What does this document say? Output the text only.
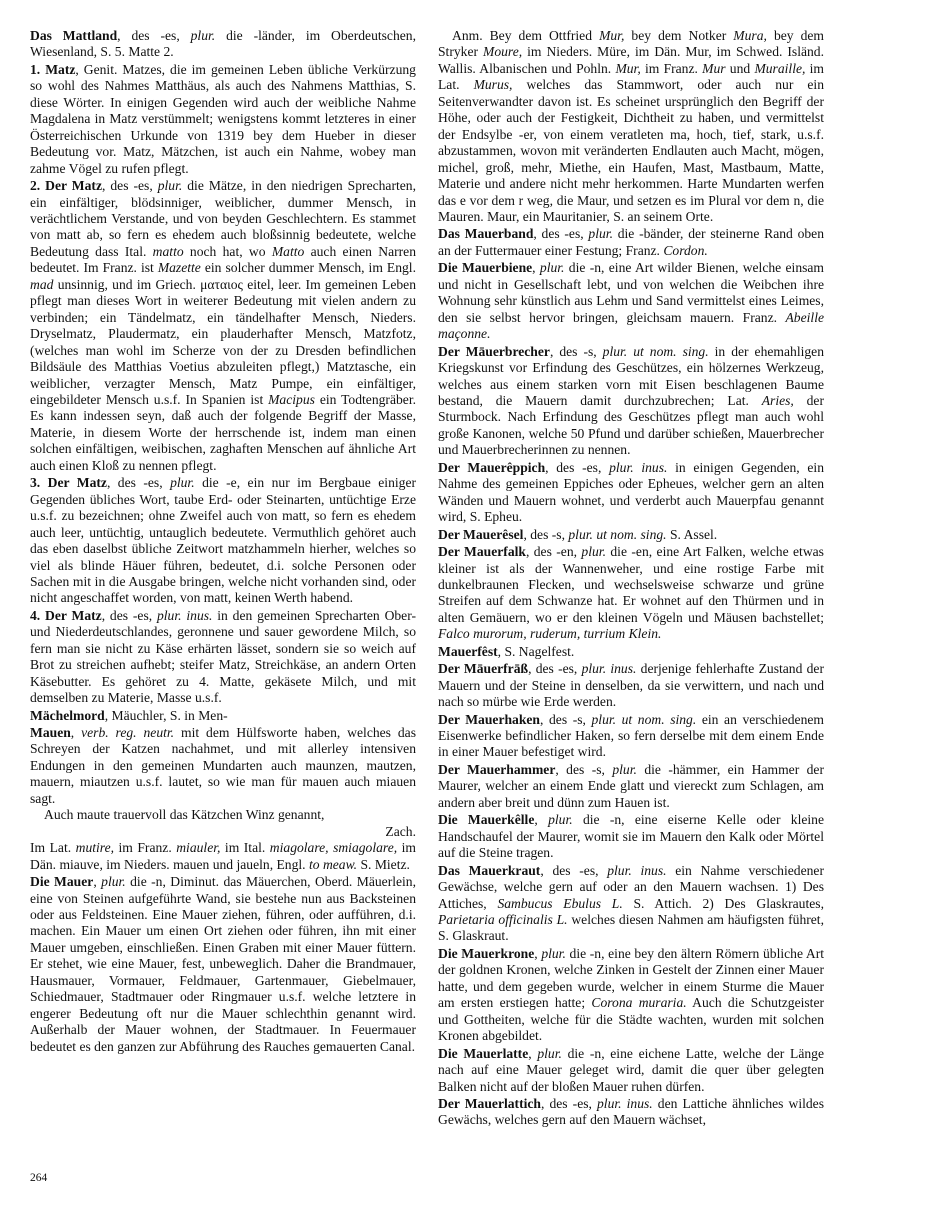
Das Mattland, des -es, plur. die -länder, im Oberdeutschen, Wiesenland, S. 5. Matte 2.

1. Matz, Genit. Matzes, die im gemeinen Leben übliche Verkürzung so wohl des Nahmes Matthäus, als auch des Nahmens Matthias, S. diese Wörter. In einigen Gegenden wird auch der weibliche Nahme Magdalena in Matz verstümmelt; wenigstens kommt letzteres in einer Österreichischen Urkunde von 1319 bey dem Hueber in dieser Bedeutung vor. Matz, Mätzchen, ist auch ein Nahme, wobey man zahme Vögel zu rufen pflegt.

2. Der Matz, des -es, plur. die Mätze, in den niedrigen Sprecharten, ein einfältiger, blödsinniger, weiblicher, dummer Mensch, in verächtlichem Verstande, und von beyden Geschlechtern. Es stammet von matt ab, so fern es ehedem auch bloßsinnig bedeutete, welche Bedeutung dass Ital. matto noch hat, wo Matto auch einen Narren bedeutet. Im Franz. ist Mazette ein solcher dummer Mensch, im Engl. mad unsinnig, und im Griech. ματαιος eitel, leer. Im gemeinen Leben pflegt man dieses Wort in weiterer Bedeutung mit vielen andern zu verbinden; ein Tändelmatz, ein tändelhafter Mensch, Nieders. Dryselmatz, Plaudermatz, ein plauderhafter Mensch, Matzfotz, (welches man wohl im Scherze von der zu Dresden befindlichen Bildsäule des Matthias Voetius abzuleiten pflegt,) Matztasche, ein weiblicher, verzagter Mensch, Matz Pumpe, ein einfältiger, eingebildeter Mensch u.s.f. In Spanien ist Macipus ein Todtengräber. Es kann indessen seyn, daß auch der folgende Begriff der Masse, Materie, in diesem Worte der herrschende ist, indem man einen solchen einfältigen, weibischen, zaghaften Menschen auf ähnliche Art auch einen Kloß zu nennen pflegt.

3. Der Matz, des -es, plur. die -e, ein nur im Bergbaue einiger Gegenden übliches Wort, taube Erd- oder Steinarten, untüchtige Erze u.s.f. zu bezeichnen; ohne Zweifel auch von matt, so fern es ehedem auch leer, untüchtig, untauglich bedeutete. Vermuthlich gehöret auch das eben daselbst übliche Zeitwort matzhammeln hierher, welches so viel als blinde Häuer führen, bedeutet, d.i. solche Personen oder Sachen mit in die Ausgabe bringen, welche nicht vorhanden sind, oder nicht angeschaffet worden, von matt, keinen Werth habend.

4. Der Matz, des -es, plur. inus. in den gemeinen Sprecharten Ober- und Niederdeutschlandes, geronnene und sauer gewordene Milch, so fern man sie nicht zu Käse erhärten lässet, sondern sie so weich auf Brot zu streichen aufhebt; steifer Matz, Streichkäse, an andern Orten Käsebutter. Es gehöret zu 4. Matte, gekäsete Milch, und mit demselben zu Materie, Masse u.s.f.

Mächelmord, Mäuchler, S. in Men-

Mauen, verb. reg. neutr. mit dem Hülfsworte haben, welches das Schreyen der Katzen nachahmet, und mit allerley intensiven Endungen in den gemeinen Mundarten auch maunzen, mautzen, mauern, miautzen u.s.f. lautet, so wie man für mauen auch miauen sagt.

Auch maute trauervoll das Kätzchen Winz genannt,

Zach.

Im Lat. mutire, im Franz. miauler, im Ital. miagolare, smiagolare, im Dän. miauve, im Nieders. mauen und jaueln, Engl. to meaw. S. Mietz.

Die Mauer, plur. die -n, Diminut. das Mäuerchen, Oberd. Mäuerlein, eine von Steinen aufgeführte Wand, sie bestehe nun aus Backsteinen oder aus Feldsteinen. Eine Mauer ziehen, führen, oder aufführen, d.i. machen. Ein Mauer um einen Ort ziehen oder führen, ihn mit einer Mauer umgeben, einschließen. Einen Graben mit einer Mauer füttern. Er stehet, wie eine Mauer, fest, unbeweglich. Daher die Brandmauer, Hausmauer, Vormauer, Feldmauer, Gartenmauer, Giebelmauer, Schiedmauer, Stadtmauer oder Ringmauer u.s.f. welche letztere in engerer Bedeutung oft nur die Mauer schlechthin genannt wird. Außerhalb der Mauer wohnen, der Stadtmauer. In Feuermauer bedeutet es den ganzen zur Abführung des Rauches gemauerten Canal.

Anm. Bey dem Ottfried Mur, bey dem Notker Mura, bey dem Stryker Moure, im Nieders. Müre, im Dän. Mur, im Schwed. Isländ. Wallis. Albanischen und Pohln. Mur, im Franz. Mur und Muraille, im Lat. Murus, welches das Stammwort, oder auch nur ein Seitenverwandter davon ist. Es scheinet ursprünglich den Begriff der Höhe, oder auch der Festigkeit, Dichtheit zu haben, und vermittelst der Endsylbe -er, von einem veratleten ma, hoch, tief, stark, u.s.f. abzustammen, wovon mit veränderten Endlauten auch Macht, mögen, michel, groß, mehr, Miethe, ein Haufen, Mast, Mastbaum, Matte, Materie und andere nicht mehr herkommen. Harte Mundarten werfen das e vor dem r weg, die Maur, und setzen es im Plural vor dem n, die Mauren. Maur, ein Mauritanier, S. an seinem Orte.

Das Mauerband, des -es, plur. die -bänder, der steinerne Rand oben an der Futtermauer einer Festung; Franz. Cordon.

Die Mauerbiene, plur. die -n, eine Art wilder Bienen, welche einsam und nicht in Gesellschaft lebt, und von welchen die Weibchen ihre Wohnung sehr künstlich aus Lehm und Sand vermittelst eines Leimes, den sie selbst hervor bringen, gleichsam mauern. Franz. Abeille maçonne.

Der Māuerbrecher, des -s, plur. ut nom. sing. in der ehemahligen Kriegskunst vor Erfindung des Geschützes, ein hölzernes Werkzeug, welches aus einem starken vorn mit Eisen beschlagenen Baume bestand, die Mauern damit durchzubrechen; Lat. Aries, der Sturmbock. Nach Erfindung des Geschützes pflegt man auch wohl große Kanonen, welche 50 Pfund und darüber schießen, Mauerbrecher und Mauerbrecherinnen zu nennen.

Der Mauerêppich, des -es, plur. inus. in einigen Gegenden, ein Nahme des gemeinen Eppiches oder Epheues, welcher gern an alten Wänden und Mauern wohnet, und verderbt auch Mauerpfau genannt wird, S. Epheu.

Der Mauerêsel, des -s, plur. ut nom. sing. S. Assel.

Der Mauerfalk, des -en, plur. die -en, eine Art Falken, welche etwas kleiner ist als der Wannenweher, und eine rostige Farbe mit dunkelbraunen Flecken, und wechselsweise schwarze und grüne Streifen auf dem Schwanze hat. Er wohnet auf den Thürmen und in alten Gemäuern, wo er den kleinen Vögeln und Mäusen bachstellet; Falco murorum, ruderum, turrium Klein.

Mauerfêst, S. Nagelfest.

Der Māuerfrāß, des -es, plur. inus. derjenige fehlerhafte Zustand der Mauern und der Steine in denselben, da sie verwittern, und nach und nach so mürbe wie Erde werden.

Der Mauerhaken, des -s, plur. ut nom. sing. ein an verschiedenem Eisenwerke befindlicher Haken, so fern derselbe mit dem einem Ende in einer Mauer befestiget wird.

Der Mauerhammer, des -s, plur. die -hämmer, ein Hammer der Maurer, welcher an einem Ende glatt und viereckt zum Schlagen, am andern aber breit und dünn zum Hauen ist.

Die Mauerkêlle, plur. die -n, eine eiserne Kelle oder kleine Handschaufel der Maurer, womit sie im Mauern den Kalk oder Mörtel auf die Steine tragen.

Das Mauerkraut, des -es, plur. inus. ein Nahme verschiedener Gewächse, welche gern auf oder an den Mauern wachsen. 1) Des Attiches, Sambucus Ebulus L. S. Attich. 2) Des Glaskrautes, Parietaria officinalis L. welches diesen Nahmen am häufigsten führet, S. Glaskraut.

Die Mauerkrone, plur. die -n, eine bey den ältern Römern übliche Art der goldnen Kronen, welche Zinken in Gestelt der Zinnen einer Mauer hatte, und dem gegeben wurde, welcher in einem Sturme die Mauer am ersten erstiegen hatte; Corona muraria. Auch die Schutzgeister und Gottheiten, welche für die Städte wachten, wurden mit solchen Kronen abgebildet.

Die Mauerlatte, plur. die -n, eine eichene Latte, welche der Länge nach auf eine Mauer geleget wird, damit die quer über gelegten Balken nicht auf der bloßen Mauer ruhen dürfen.

Der Mauerlattich, des -es, plur. inus. den Lattiche ähnliches wildes Gewächs, welches gern auf den Mauern wächset,

264
